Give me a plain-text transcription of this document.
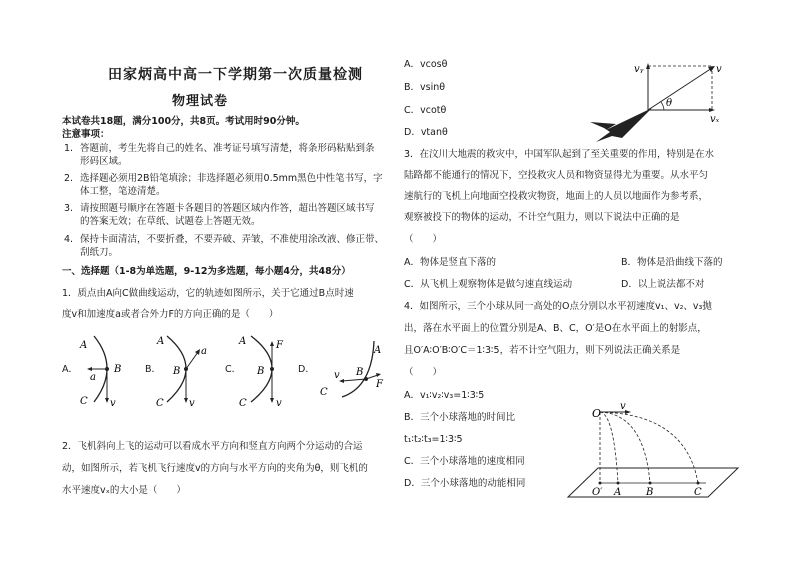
田家炳高中高一下学期第一次质量检测
物理试卷
本试卷共18题，满分100分，共8页。考试用时90分钟。
注意事项：
1. 答题前，考生先将自己的姓名、准考证号填写清楚，将条形码粘贴到条
形码区域。
2. 选择题必须用2B铅笔填涂；非选择题必须用0.5mm黑色中性笔书写，字
体工整，笔迹清楚。
3. 请按照题号顺序在答题卡各题目的答题区域内作答，超出答题区域书写
的答案无效；在草纸、试题卷上答题无效。
4. 保持卡面清洁，不要折叠，不要弄破、弄皱，不准使用涂改液、修正带、
刮纸刀。
一、选择题（1-8为单选题，9-12为多选题，每小题4分，共48分）
1．质点由A向C做曲线运动，它的轨迹如图所示，关于它通过B点时速
度v和加速度a或者合外力F的方向正确的是（　　）
A．	B．	C．	D．
A
B
C
a
v
A
B
C
a
v
A
B
C
F
v
A
B
C
F
v
2．飞机斜向上飞的运动可以看成水平方向和竖直方向两个分运动的合运
动，如图所示，若飞机飞行速度v的方向与水平方向的夹角为θ，则飞机的
水平速度vₓ的大小是（　　）
A．vcosθ
B．vsinθ
C．vcotθ
D．vtanθ
vᵧ	v
vₓ
θ
3．在汶川大地震的救灾中，中国军队起到了至关重要的作用，特别是在水
陆路都不能通行的情况下，空投救灾人员和物资显得尤为重要。从水平匀
速航行的飞机上向地面空投救灾物资，地面上的人员以地面作为参考系，
观察被投下的物体的运动，不计空气阻力，则以下说法中正确的是
（　　）
A．物体是竖直下落的	B．物体是沿曲线下落的
C．从飞机上观察物体是做匀速直线运动	D．以上说法都不对
4．如图所示，三个小球从同一高处的O点分别以水平初速度v₁、v₂、v₃抛
出，落在水平面上的位置分别是A、B、C，O′是O在水平面上的射影点，
且O′A∶O′B∶O′C＝1∶3∶5，若不计空气阻力，则下列说法正确关系是
（　　）
A．v₁∶v₂∶v₃=1∶3∶5
B．三个小球落地的时间比
t₁∶t₂∶t₃=1∶3∶5
C．三个小球落地的速度相同
D．三个小球落地的动能相同
O
v
O′ A B	C
